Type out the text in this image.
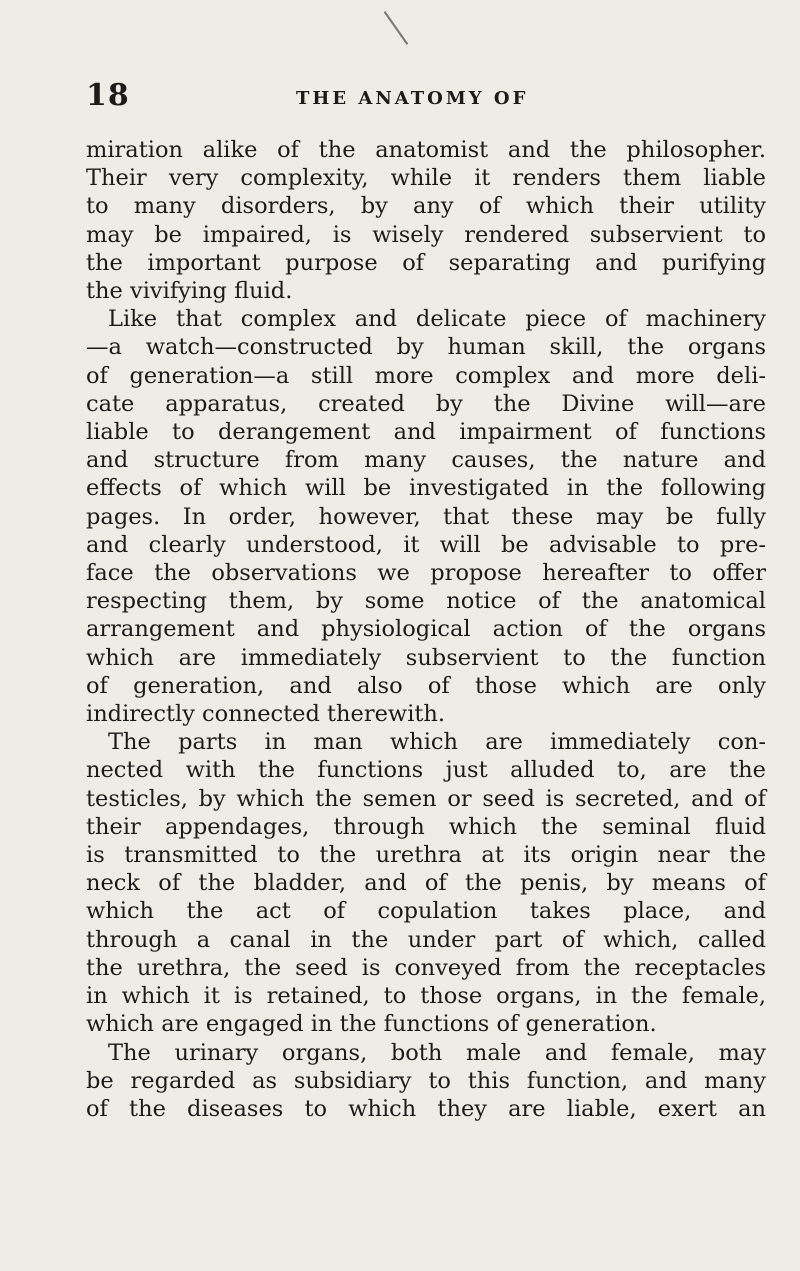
18	THE ANATOMY OF
miration alike of the anatomist and the philosopher.
Their very complexity, while it renders them liable
to many disorders, by any of which their utility
may be impaired, is wisely rendered subservient to
the important purpose of separating and purifying
the vivifying fluid.
Like that complex and delicate piece of machinery
—a watch—constructed by human skill, the organs
of generation—a still more complex and more deli-
cate apparatus, created by the Divine will—are
liable to derangement and impairment of functions
and structure from many causes, the nature and
effects of which will be investigated in the following
pages. In order, however, that these may be fully
and clearly understood, it will be advisable to pre-
face the observations we propose hereafter to offer
respecting them, by some notice of the anatomical
arrangement and physiological action of the organs
which are immediately subservient to the function
of generation, and also of those which are only
indirectly connected therewith.
The parts in man which are immediately con-
nected with the functions just alluded to, are the
testicles, by which the semen or seed is secreted, and of
their appendages, through which the seminal fluid
is transmitted to the urethra at its origin near the
neck of the bladder, and of the penis, by means of
which the act of copulation takes place, and
through a canal in the under part of which, called
the urethra, the seed is conveyed from the receptacles
in which it is retained, to those organs, in the female,
which are engaged in the functions of generation.
The urinary organs, both male and female, may
be regarded as subsidiary to this function, and many
of the diseases to which they are liable, exert an
